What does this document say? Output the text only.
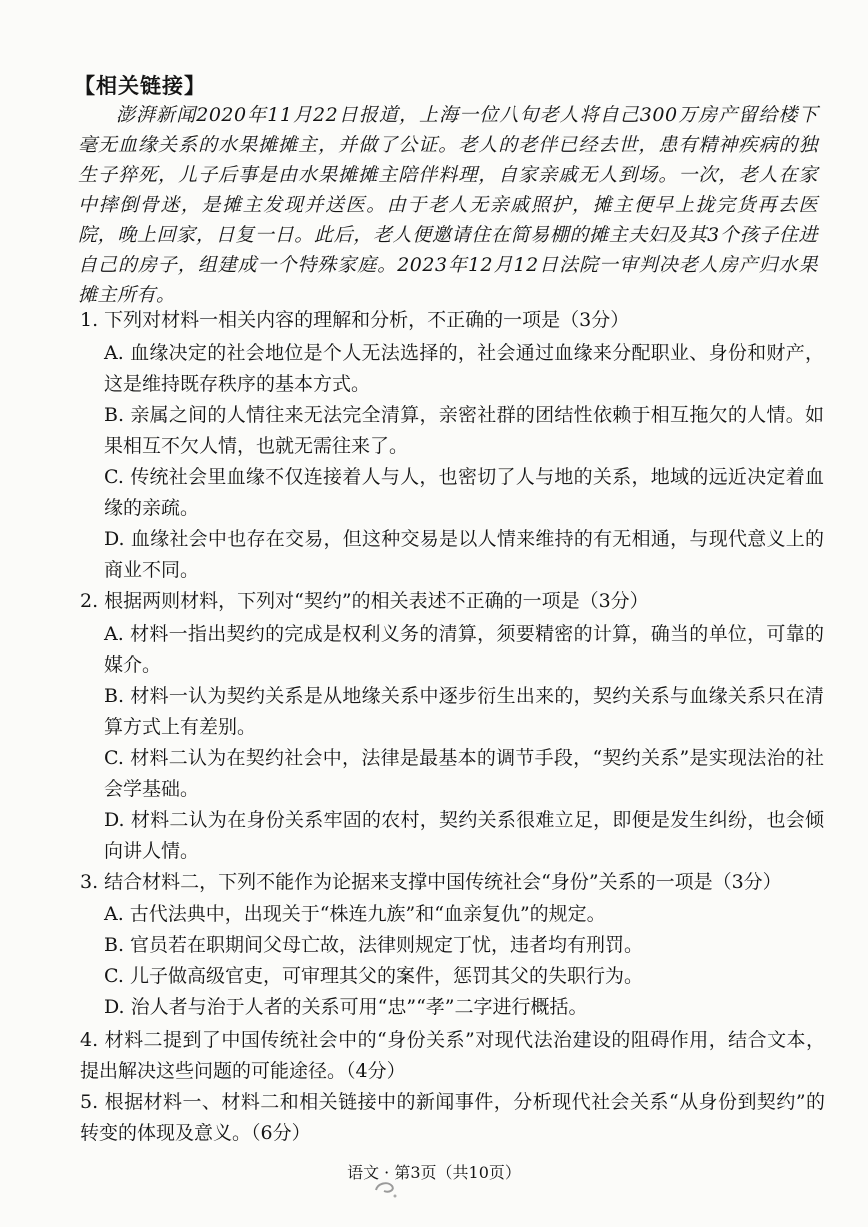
【相关链接】
澎湃新闻2020年11月22日报道，上海一位八旬老人将自己300万房产留给楼下毫无血缘关系的水果摊摊主，并做了公证。老人的老伴已经去世，患有精神疾病的独生子猝死，儿子后事是由水果摊摊主陪伴料理，自家亲戚无人到场。一次，老人在家中摔倒骨迷，是摊主发现并送医。由于老人无亲戚照护，摊主便早上拢完货再去医院，晚上回家，日复一日。此后，老人便邀请住在简易棚的摊主夫妇及其3个孩子住进自己的房子，组建成一个特殊家庭。2023年12月12日法院一审判决老人房产归水果摊主所有。
1. 下列对材料一相关内容的理解和分析，不正确的一项是（3分）
A. 血缘决定的社会地位是个人无法选择的，社会通过血缘来分配职业、身份和财产，这是维持既存秩序的基本方式。
B. 亲属之间的人情往来无法完全清算，亲密社群的团结性依赖于相互拖欠的人情。如果相互不欠人情，也就无需往来了。
C. 传统社会里血缘不仅连接着人与人，也密切了人与地的关系，地域的远近决定着血缘的亲疏。
D. 血缘社会中也存在交易，但这种交易是以人情来维持的有无相通，与现代意义上的商业不同。
2. 根据两则材料，下列对“契约”的相关表述不正确的一项是（3分）
A. 材料一指出契约的完成是权利义务的清算，须要精密的计算，确当的单位，可靠的媒介。
B. 材料一认为契约关系是从地缘关系中逐步衍生出来的，契约关系与血缘关系只在清算方式上有差别。
C. 材料二认为在契约社会中，法律是最基本的调节手段，“契约关系”是实现法治的社会学基础。
D. 材料二认为在身份关系牢固的农村，契约关系很难立足，即便是发生纠纷，也会倾向讲人情。
3. 结合材料二，下列不能作为论据来支撑中国传统社会“身份”关系的一项是（3分）
A. 古代法典中，出现关于“株连九族”和“血亲复仇”的规定。
B. 官员若在职期间父母亡故，法律则规定丁忧，违者均有刑罚。
C. 儿子做高级官吏，可审理其父的案件，惩罚其父的失职行为。
D. 治人者与治于人者的关系可用“忠”“孝”二字进行概括。
4. 材料二提到了中国传统社会中的“身份关系”对现代法治建设的阻碍作用，结合文本，提出解决这些问题的可能途径。（4分）
5. 根据材料一、材料二和相关链接中的新闻事件，分析现代社会关系“从身份到契约”的转变的体现及意义。（6分）
语文 · 第3页（共10页）
